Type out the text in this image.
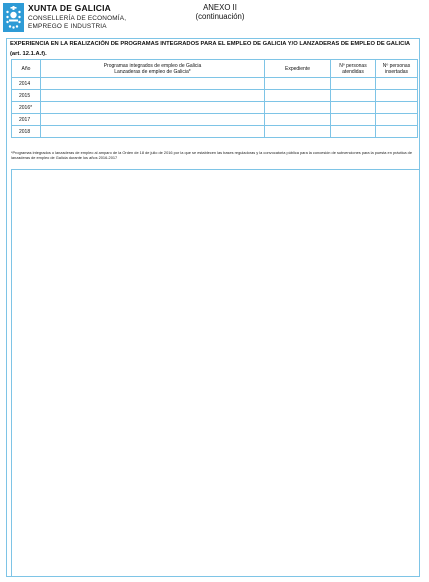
XUNTA DE GALICIA
CONSELLERÍA DE ECONOMÍA,
EMPREGO E INDUSTRIA
ANEXO II
(continuación)
EXPERIENCIA EN LA REALIZACIÓN DE PROGRAMAS INTEGRADOS PARA EL EMPLEO DE GALICIA Y/O LANZADERAS DE EMPLEO DE GALICIA (art. 12.1.A.f).
Año	Programas integrados de empleo de Galicia Lanzaderas de empleo de Galicia*	Expediente	Nº personas atendidas	Nº personas insertadas
2014				
2015				
2016*				
2017				
2018				
*Programas integrados o lanzaderas de empleo al amparo de la Orden de 18 de julio de 2016 por la que se establecen las bases reguladoras y la convocatoria pública para la concesión de subvenciones para la puesta en práctica de lanzaderas de empleo de Galicia durante los años 2016-2017
